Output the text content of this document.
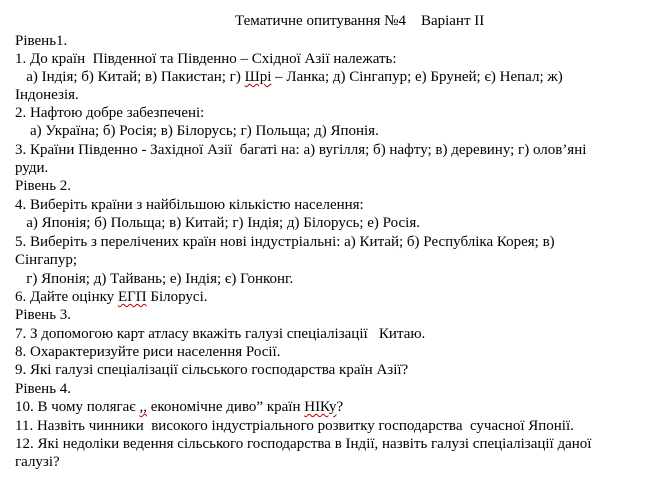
Тематичне опитування №4    Варіант ІІ
Рівень1.
1. До країн  Південної та Південно – Східної Азії належать:
а) Індія; б) Китай; в) Пакистан; г) Шрі – Ланка; д) Сінгапур; е) Бруней; є) Непал; ж)
Індонезія.
2. Нафтою добре забезпечені:
а) Україна; б) Росія; в) Білорусь; г) Польща; д) Японія.
3. Країни Південно - Західної Азії  багаті на: а) вугілля; б) нафту; в) деревину; г) олов’яні
руди.
Рівень 2.
4. Виберіть країни з найбільшою кількістю населення:
а) Японія; б) Польща; в) Китай; г) Індія; д) Білорусь; е) Росія.
5. Виберіть з перелічених країн нові індустріальні: а) Китай; б) Республіка Корея; в)
Сінгапур;
г) Японія; д) Тайвань; е) Індія; є) Гонконг.
6. Дайте оцінку ЕГП Білорусі.
Рівень 3.
7. З допомогою карт атласу вкажіть галузі спеціалізації   Китаю.
8. Охарактеризуйте риси населення Росії.
9. Які галузі спеціалізації сільського господарства країн Азії?
Рівень 4.
10. В чому полягає ,, економічне диво” країн НІКу?
11. Назвіть чинники  високого індустріального розвитку господарства  сучасної Японії.
12. Які недоліки ведення сільського господарства в Індії, назвіть галузі спеціалізації даної
галузі?
